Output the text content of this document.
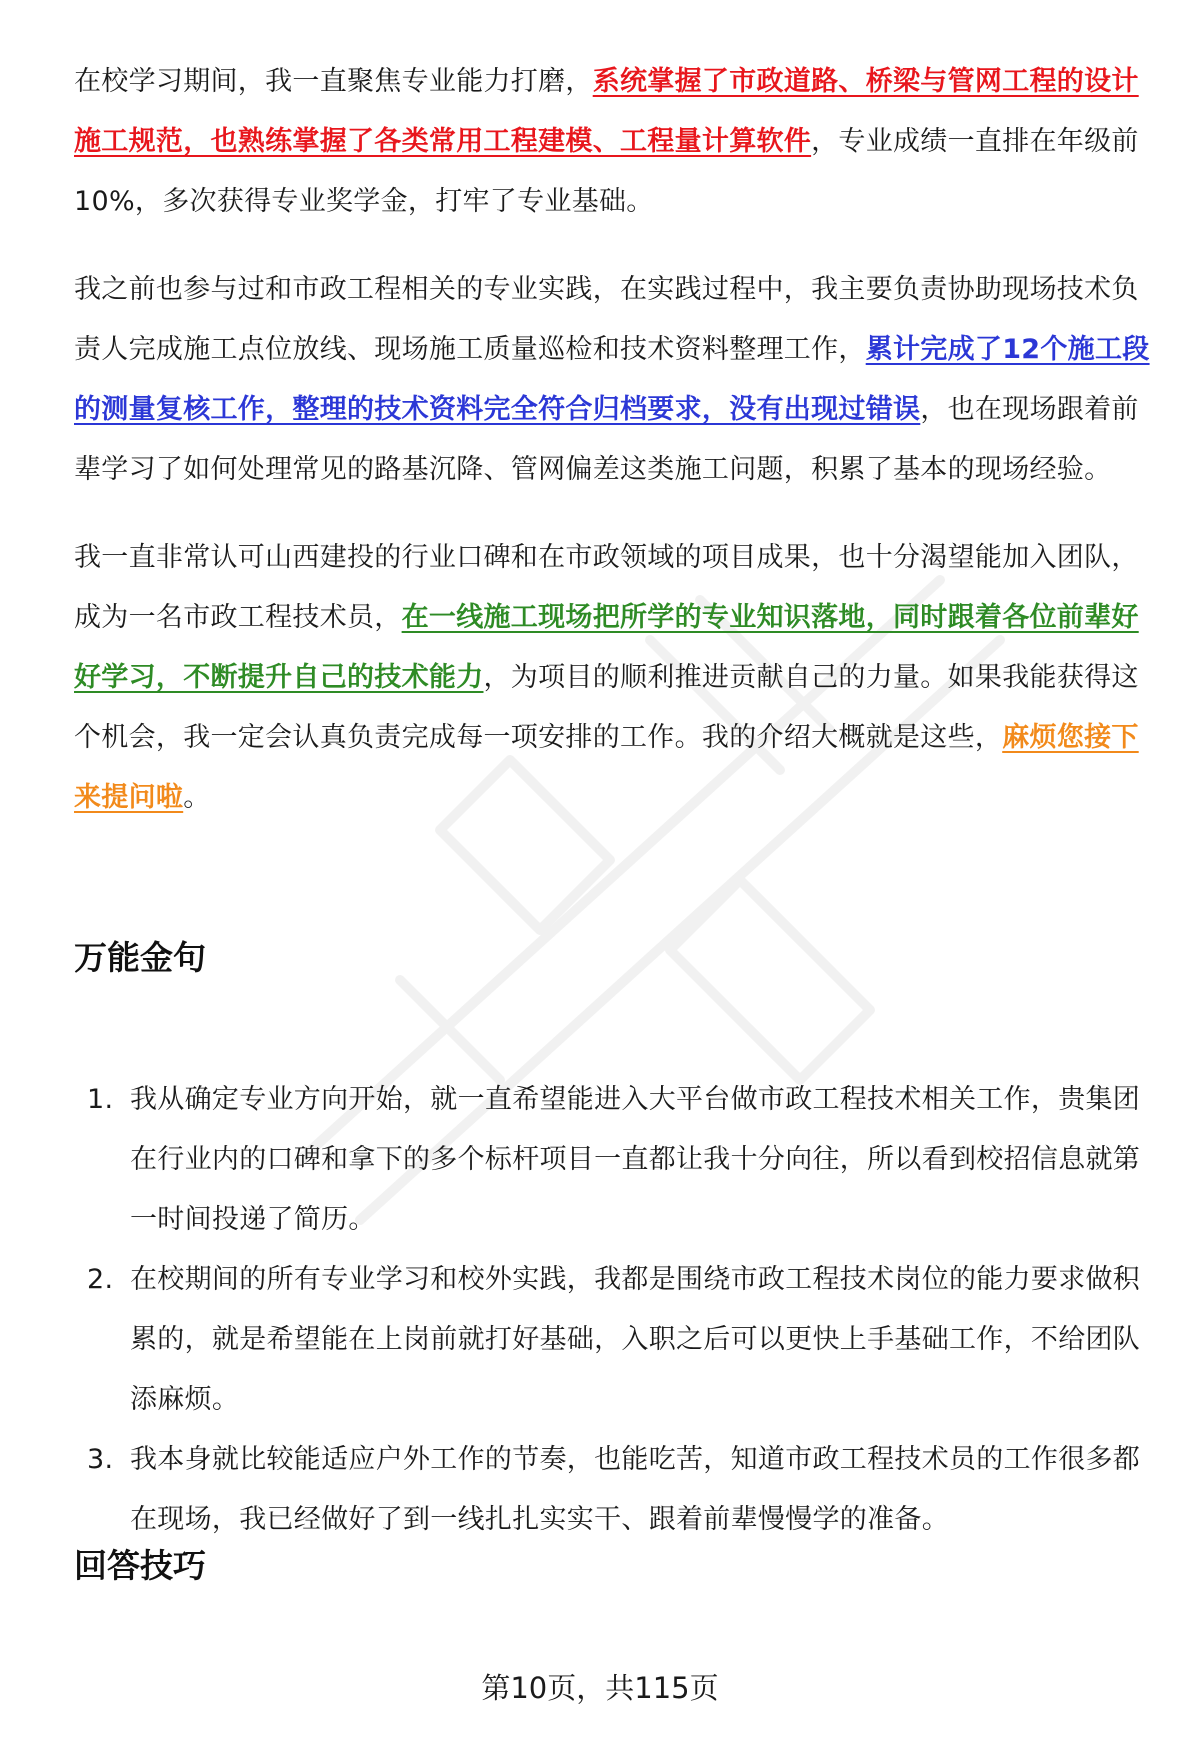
在校学习期间，我一直聚焦专业能力打磨，系统掌握了市政道路、桥梁与管网工程的设计施工规范，也熟练掌握了各类常用工程建模、工程量计算软件，专业成绩一直排在年级前10%，多次获得专业奖学金，打牢了专业基础。

我之前也参与过和市政工程相关的专业实践，在实践过程中，我主要负责协助现场技术负责人完成施工点位放线、现场施工质量巡检和技术资料整理工作，累计完成了12个施工段的测量复核工作，整理的技术资料完全符合归档要求，没有出现过错误，也在现场跟着前辈学习了如何处理常见的路基沉降、管网偏差这类施工问题，积累了基本的现场经验。

我一直非常认可山西建投的行业口碑和在市政领域的项目成果，也十分渴望能加入团队，成为一名市政工程技术员，在一线施工现场把所学的专业知识落地，同时跟着各位前辈好好学习，不断提升自己的技术能力，为项目的顺利推进贡献自己的力量。如果我能获得这个机会，我一定会认真负责完成每一项安排的工作。我的介绍大概就是这些，麻烦您接下来提问啦。

万能金句
1. 我从确定专业方向开始，就一直希望能进入大平台做市政工程技术相关工作，贵集团在行业内的口碑和拿下的多个标杆项目一直都让我十分向往，所以看到校招信息就第一时间投递了简历。
2. 在校期间的所有专业学习和校外实践，我都是围绕市政工程技术岗位的能力要求做积累的，就是希望能在上岗前就打好基础，入职之后可以更快上手基础工作，不给团队添麻烦。
3. 我本身就比较能适应户外工作的节奏，也能吃苦，知道市政工程技术员的工作很多都在现场，我已经做好了到一线扎扎实实干、跟着前辈慢慢学的准备。
回答技巧
第10页，共115页
